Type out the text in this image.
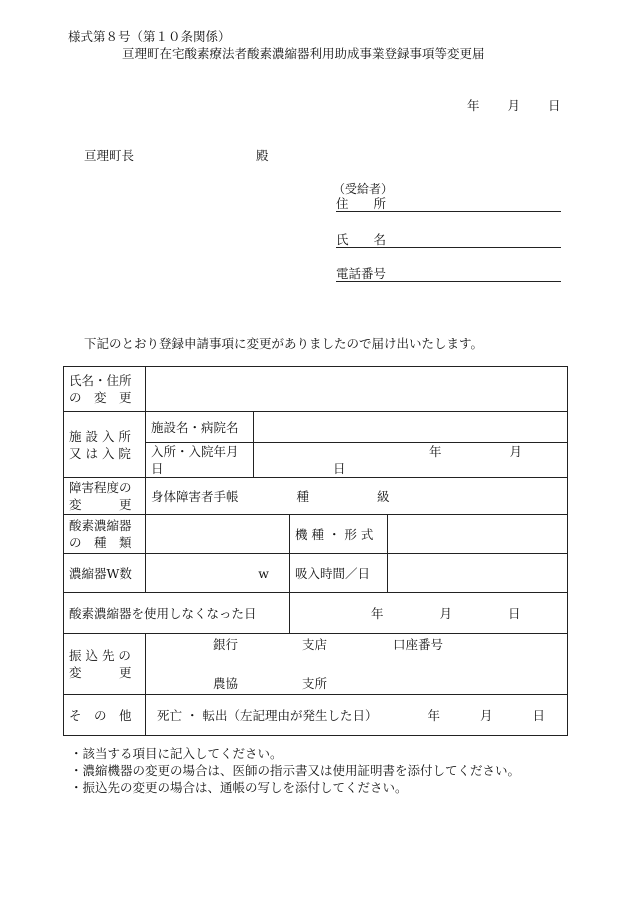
様式第８号（第１０条関係）
亘理町在宅酸素療法者酸素濃縮器利用助成事業登録事項等変更届
年 月 日
亘理町長	殿
（受給者）
住　　所
氏　　名
電話番号
下記のとおり登録申請事項に変更がありましたので届け出いたします。
氏名・住所の　変　更				
施 設 入 所 又 は 入 院	施設名・病院名			
	入所・入院年月日	年 月日		
障害程度の変　　　更	身体障害者手帳 種 級			
酸素濃縮器の　種　類			機 種 ・ 形 式	
濃縮器W数	w		吸入時間／日	
酸素濃縮器を使用しなくなった日			年 月 日	
振 込 先 の 変　　　更	銀行 支店 口座番号			
	農協 支所			
そ　の　他	死亡 ・ 転出（左記理由が発生した日） 年 月 日			
・該当する項目に記入してください。
・濃縮機器の変更の場合は、医師の指示書又は使用証明書を添付してください。
・振込先の変更の場合は、通帳の写しを添付してください。
